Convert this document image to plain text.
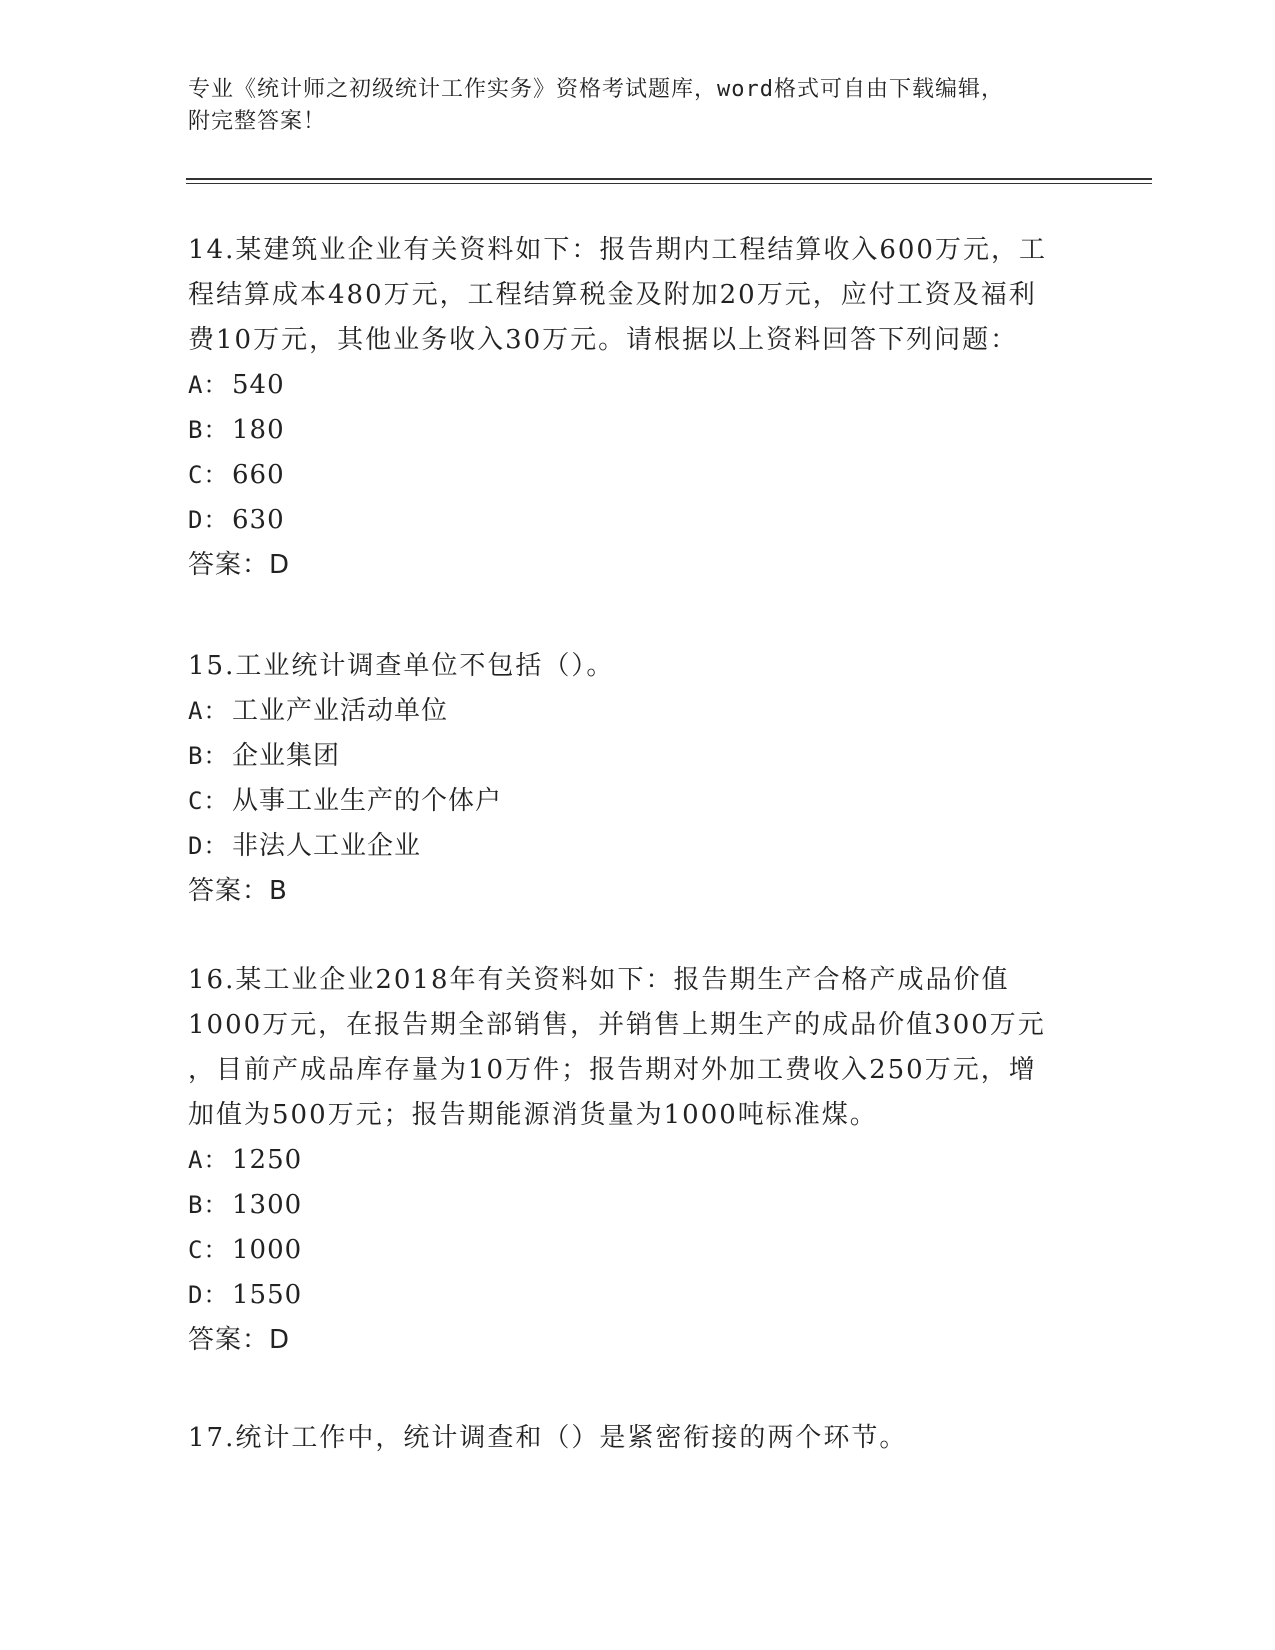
专业《统计师之初级统计工作实务》资格考试题库，word格式可自由下载编辑，
附完整答案！

14.某建筑业企业有关资料如下：报告期内工程结算收入600万元，工

程结算成本480万元，工程结算税金及附加20万元，应付工资及福利

费10万元，其他业务收入30万元。请根据以上资料回答下列问题：

A： 540

B： 180

C： 660

D： 630

答案：D

15.工业统计调查单位不包括（）。

A： 工业产业活动单位

B： 企业集团

C： 从事工业生产的个体户

D： 非法人工业企业

答案：B

16.某工业企业2018年有关资料如下：报告期生产合格产成品价值

1000万元，在报告期全部销售，并销售上期生产的成品价值300万元

，目前产成品库存量为10万件；报告期对外加工费收入250万元，增

加值为500万元；报告期能源消货量为1000吨标准煤。

A： 1250

B： 1300

C： 1000

D： 1550

答案：D

17.统计工作中，统计调查和（）是紧密衔接的两个环节。
